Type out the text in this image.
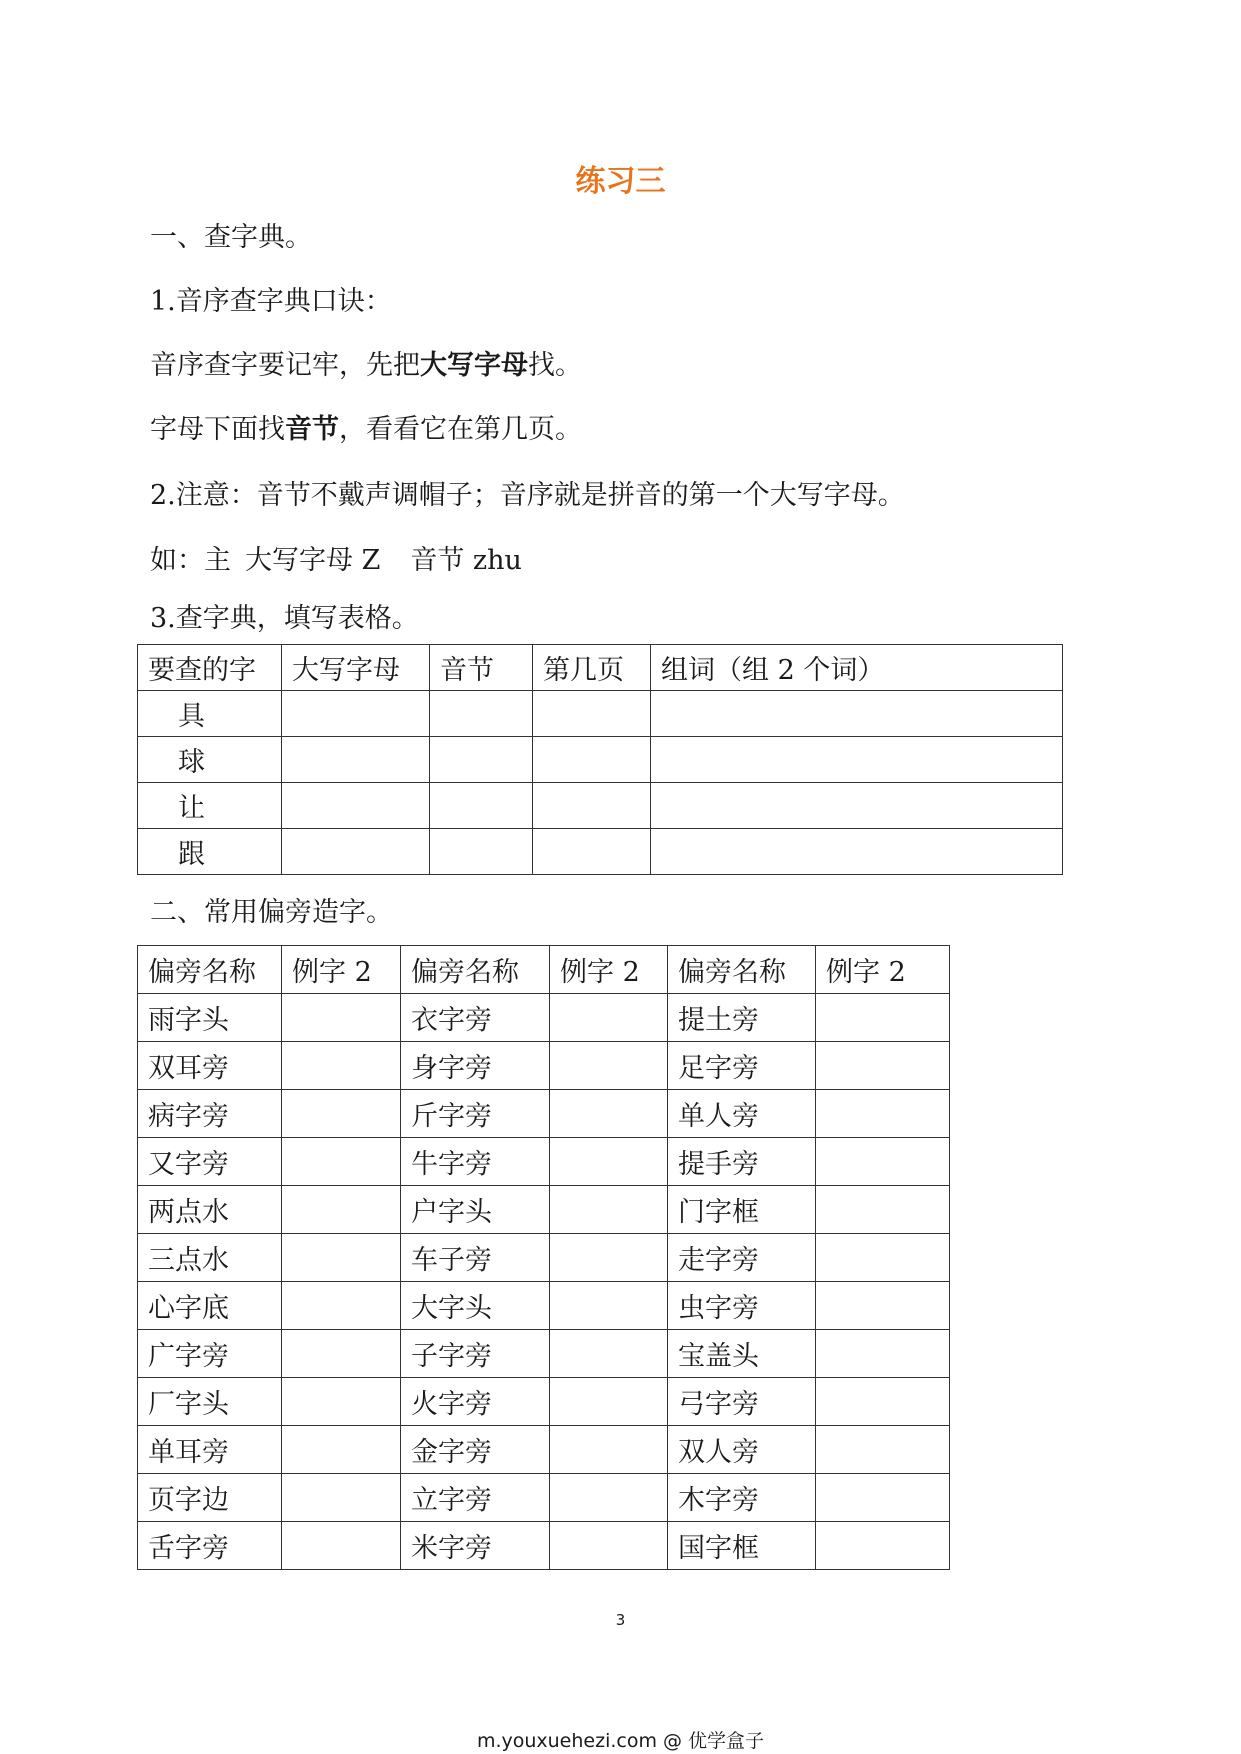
练习三
一、查字典。
1.音序查字典口诀：
音序查字要记牢，先把大写字母找。
字母下面找音节，看看它在第几页。
2.注意：音节不戴声调帽子；音序就是拼音的第一个大写字母。
如：主 大写字母 Z 音节 zhu
3.查字典，填写表格。
要查的字	大写字母	音节	第几页	组词（组 2 个词）
具				
球				
让				
跟				
二、常用偏旁造字。
偏旁名称	例字 2	偏旁名称	例字 2	偏旁名称	例字 2
雨字头		衣字旁		提土旁	
双耳旁		身字旁		足字旁	
病字旁		斤字旁		单人旁	
又字旁		牛字旁		提手旁	
两点水		户字头		门字框	
三点水		车子旁		走字旁	
心字底		大字头		虫字旁	
广字旁		子字旁		宝盖头	
厂字头		火字旁		弓字旁	
单耳旁		金字旁		双人旁	
页字边		立字旁		木字旁	
舌字旁		米字旁		国字框	
3
m.youxuehezi.com @ 优学盒子
